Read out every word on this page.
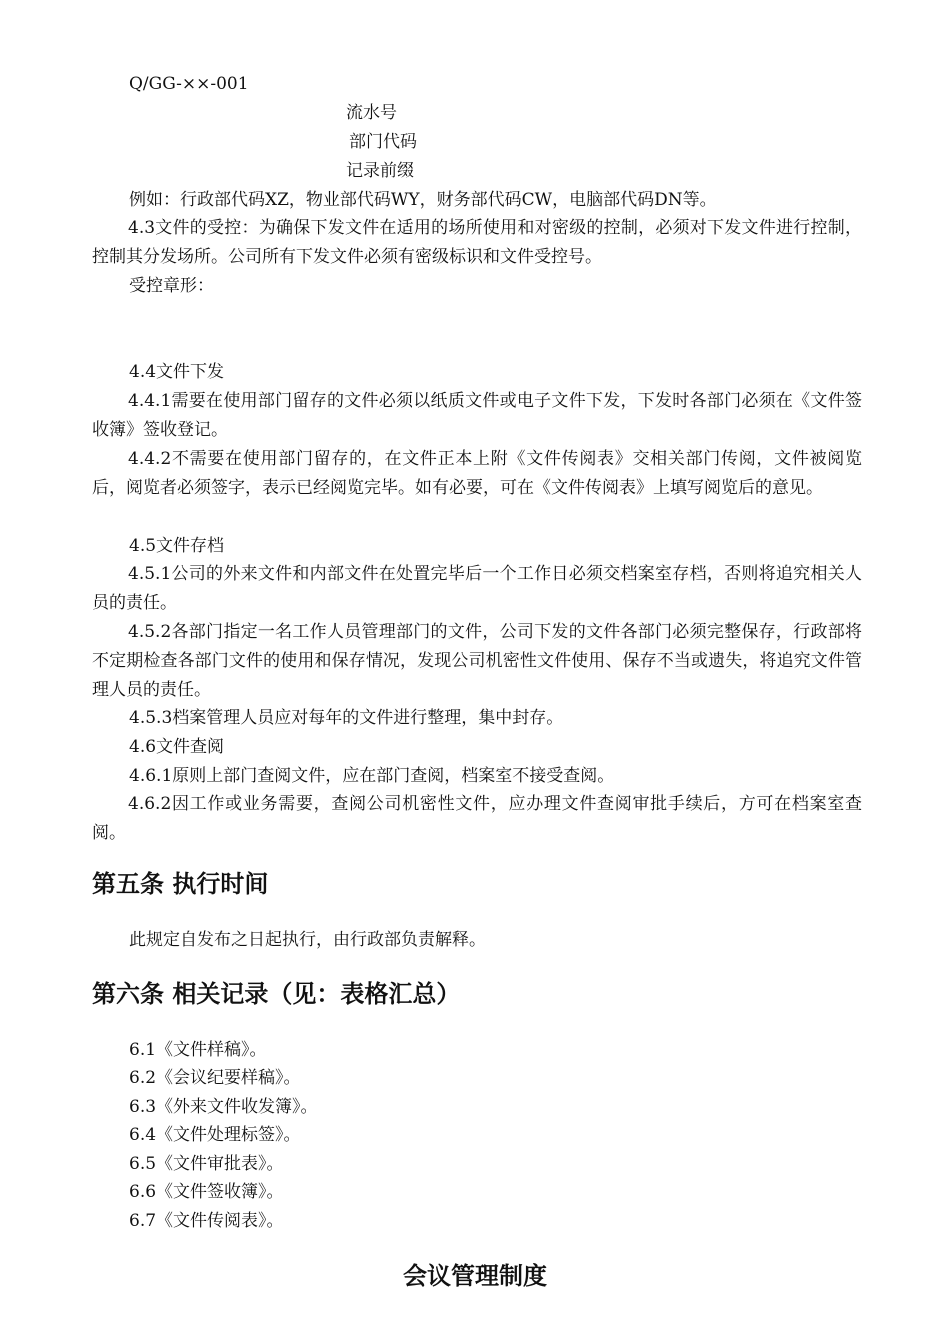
Q/GG-××-001

流水号

部门代码

记录前缀

例如：行政部代码XZ，物业部代码WY，财务部代码CW，电脑部代码DN等。

4.3文件的受控：为确保下发文件在适用的场所使用和对密级的控制，必须对下发文件进行控制，控制其分发场所。公司所有下发文件必须有密级标识和文件受控号。

受控章形：

4.4文件下发

4.4.1需要在使用部门留存的文件必须以纸质文件或电子文件下发，下发时各部门必须在《文件签收簿》签收登记。

4.4.2不需要在使用部门留存的，在文件正本上附《文件传阅表》交相关部门传阅，文件被阅览后，阅览者必须签字，表示已经阅览完毕。如有必要，可在《文件传阅表》上填写阅览后的意见。

4.5文件存档

4.5.1公司的外来文件和内部文件在处置完毕后一个工作日必须交档案室存档，否则将追究相关人员的责任。

4.5.2各部门指定一名工作人员管理部门的文件，公司下发的文件各部门必须完整保存，行政部将不定期检查各部门文件的使用和保存情况，发现公司机密性文件使用、保存不当或遗失，将追究文件管理人员的责任。

4.5.3档案管理人员应对每年的文件进行整理，集中封存。

4.6文件查阅

4.6.1原则上部门查阅文件，应在部门查阅，档案室不接受查阅。

4.6.2因工作或业务需要，查阅公司机密性文件，应办理文件查阅审批手续后，方可在档案室查阅。

第五条 执行时间

此规定自发布之日起执行，由行政部负责解释。

第六条 相关记录（见：表格汇总）

6.1《文件样稿》。

6.2《会议纪要样稿》。

6.3《外来文件收发簿》。

6.4《文件处理标签》。

6.5《文件审批表》。

6.6《文件签收簿》。

6.7《文件传阅表》。

会议管理制度
